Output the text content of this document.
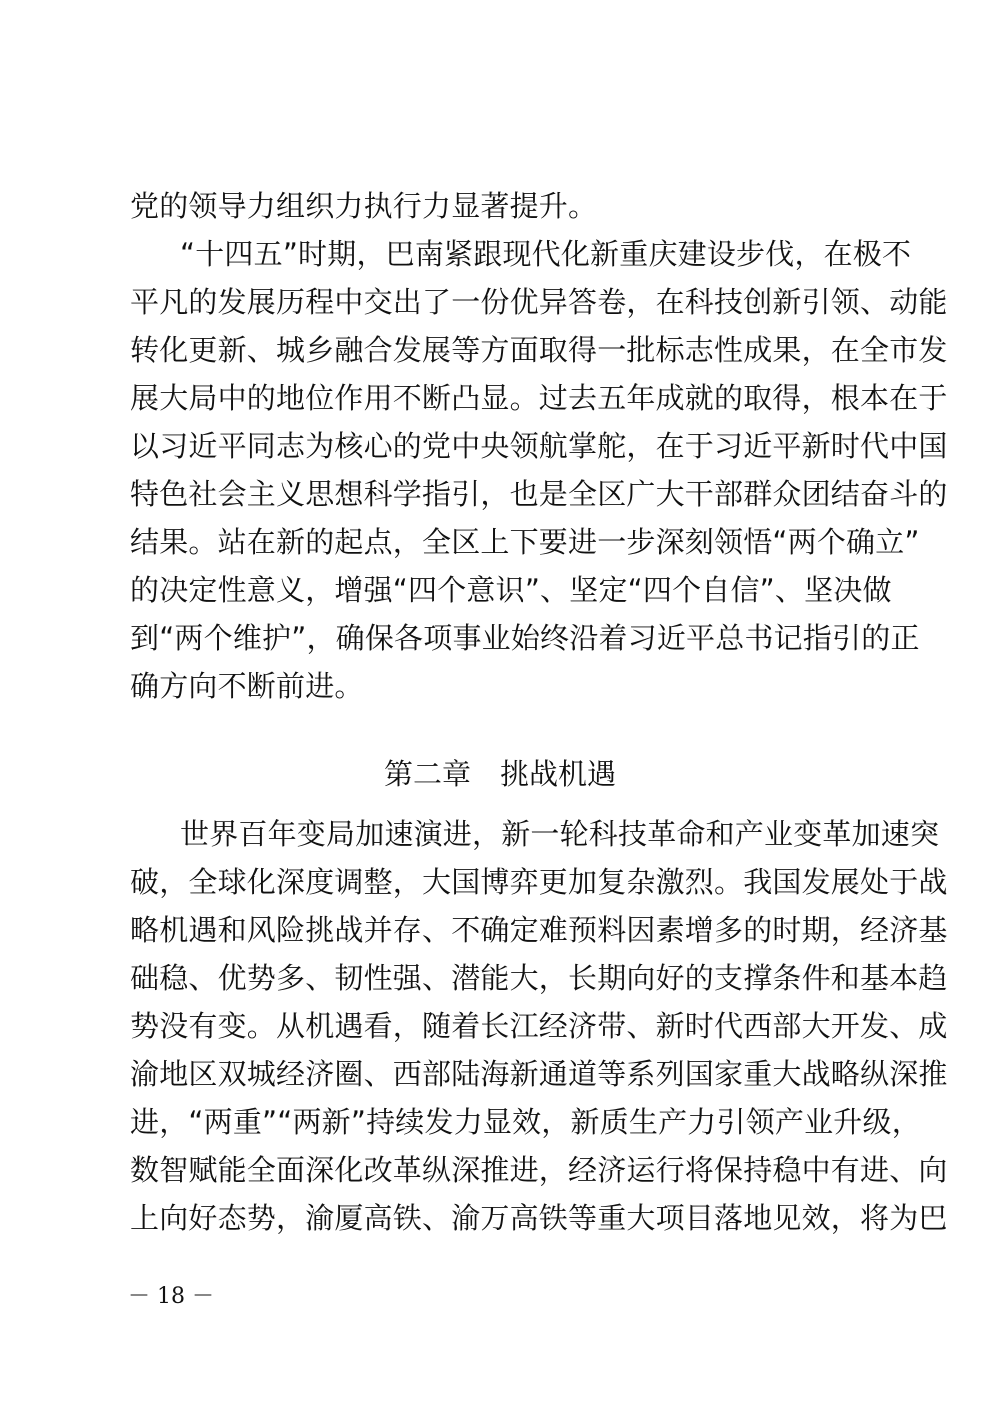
党的领导力组织力执行力显著提升。
“十四五”时期，巴南紧跟现代化新重庆建设步伐，在极不
平凡的发展历程中交出了一份优异答卷，在科技创新引领、动能
转化更新、城乡融合发展等方面取得一批标志性成果，在全市发
展大局中的地位作用不断凸显。过去五年成就的取得，根本在于
以习近平同志为核心的党中央领航掌舵，在于习近平新时代中国
特色社会主义思想科学指引，也是全区广大干部群众团结奋斗的
结果。站在新的起点，全区上下要进一步深刻领悟“两个确立”
的决定性意义，增强“四个意识”、坚定“四个自信”、坚决做
到“两个维护”，确保各项事业始终沿着习近平总书记指引的正
确方向不断前进。
第二章　挑战机遇
世界百年变局加速演进，新一轮科技革命和产业变革加速突
破，全球化深度调整，大国博弈更加复杂激烈。我国发展处于战
略机遇和风险挑战并存、不确定难预料因素增多的时期，经济基
础稳、优势多、韧性强、潜能大，长期向好的支撑条件和基本趋
势没有变。从机遇看，随着长江经济带、新时代西部大开发、成
渝地区双城经济圈、西部陆海新通道等系列国家重大战略纵深推
进，“两重”“两新”持续发力显效，新质生产力引领产业升级，
数智赋能全面深化改革纵深推进，经济运行将保持稳中有进、向
上向好态势，渝厦高铁、渝万高铁等重大项目落地见效，将为巴
－ 18 －
